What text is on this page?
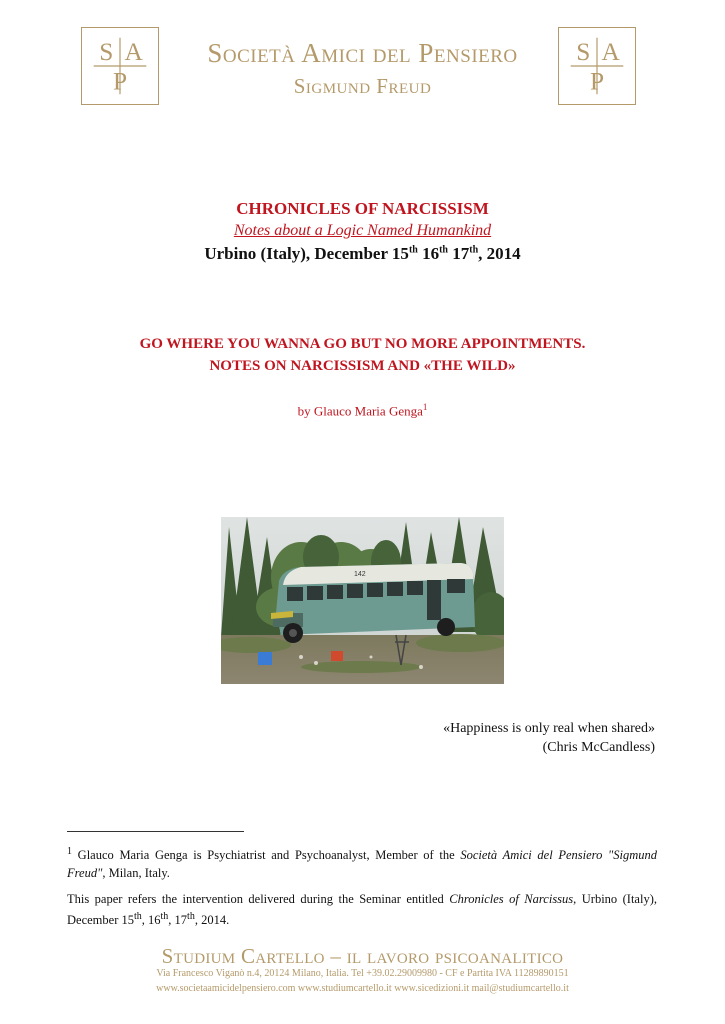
S A
P
S A
P
Società Amici del Pensiero
Sigmund Freud
CHRONICLES OF NARCISSISM
Notes about a Logic Named Humankind
Urbino (Italy), December 15th 16th 17th, 2014
GO WHERE YOU WANNA GO BUT NO MORE APPOINTMENTS.
NOTES ON NARCISSISM AND «THE WILD»
by Glauco Maria Genga$^1$
142
«Happiness is only real when shared»
(Chris McCandless)
$^1$ Glauco Maria Genga is Psychiatrist and Psychoanalyst, Member of the Società Amici del Pensiero "Sigmund Freud", Milan, Italy.
This paper refers the intervention delivered during the Seminar entitled Chronicles of Narcissus, Urbino (Italy), December 15th, 16th, 17th, 2014.
Studium Cartello – il lavoro psicoanalitico
Via Francesco Viganò n.4, 20124 Milano, Italia. Tel +39.02.29009980 - CF e Partita IVA 11289890151
www.societaamicidelpensiero.com www.studiumcartello.it www.sicedizioni.it mail@studiumcartello.it
